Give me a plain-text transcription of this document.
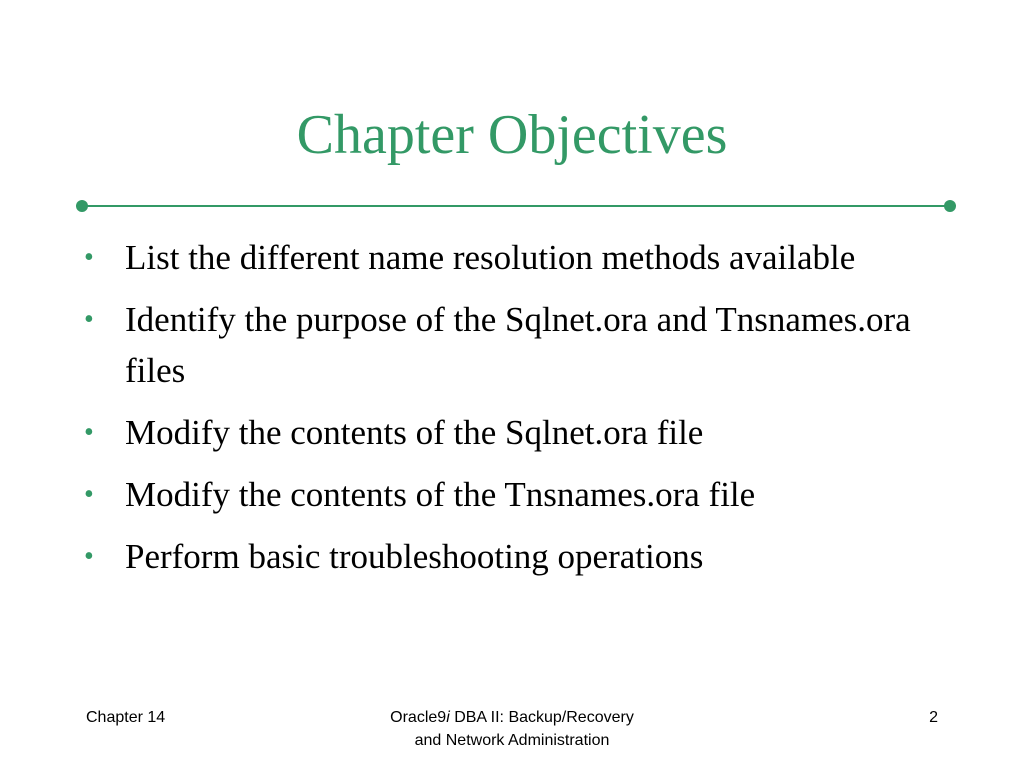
Chapter Objectives
• List the different name resolution methods available
• Identify the purpose of the Sqlnet.ora and Tnsnames.ora files
• Modify the contents of the Sqlnet.ora file
• Modify the contents of the Tnsnames.ora file
• Perform basic troubleshooting operations
Chapter 14	Oracle9i DBA II: Backup/Recovery
and Network Administration
2
